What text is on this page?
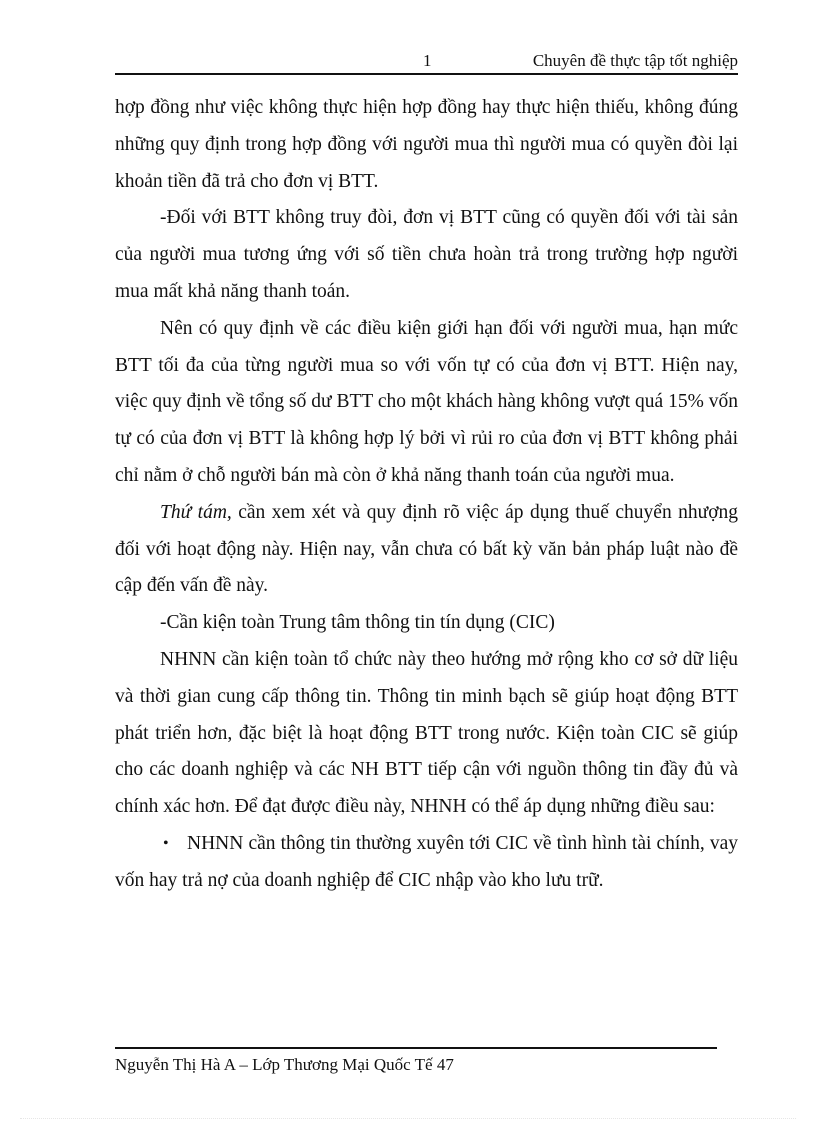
1	Chuyên đề thực tập tốt nghiệp

hợp đồng như việc không thực hiện hợp đồng hay thực hiện thiếu, không đúng những quy định trong hợp đồng với người mua thì người mua có quyền đòi lại khoản tiền đã trả cho đơn vị BTT.

-Đối với BTT không truy đòi, đơn vị BTT cũng có quyền đối với tài sản của người mua tương ứng với số tiền chưa hoàn trả trong trường hợp người mua mất khả năng thanh toán.

Nên có quy định về các điều kiện giới hạn đối với người mua, hạn mức BTT tối đa của từng người mua so với vốn tự có của đơn vị BTT. Hiện nay, việc quy định về tổng số dư BTT cho một khách hàng không vượt quá 15% vốn tự có của đơn vị BTT là không hợp lý bởi vì rủi ro của đơn vị BTT không phải chỉ nằm ở chỗ người bán mà còn ở khả năng thanh toán của người mua.

Thứ tám, cần xem xét và quy định rõ việc áp dụng thuế chuyển nhượng đối với hoạt động này. Hiện nay, vẫn chưa có bất kỳ văn bản pháp luật nào đề cập đến vấn đề này.

-Cần kiện toàn Trung tâm thông tin tín dụng (CIC)

NHNN cần kiện toàn tổ chức này theo hướng mở rộng kho cơ sở dữ liệu và thời gian cung cấp thông tin. Thông tin minh bạch sẽ giúp hoạt động BTT phát triển hơn, đặc biệt là hoạt động BTT trong nước. Kiện toàn CIC sẽ giúp cho các doanh nghiệp và các NH BTT tiếp cận với nguồn thông tin đầy đủ và chính xác hơn. Để đạt được điều này, NHNH có thể áp dụng những điều sau:

• NHNN cần thông tin thường xuyên tới CIC về tình hình tài chính, vay vốn hay trả nợ của doanh nghiệp để CIC nhập vào kho lưu trữ.

Nguyễn Thị Hà A – Lớp Thương Mại Quốc Tế 47
